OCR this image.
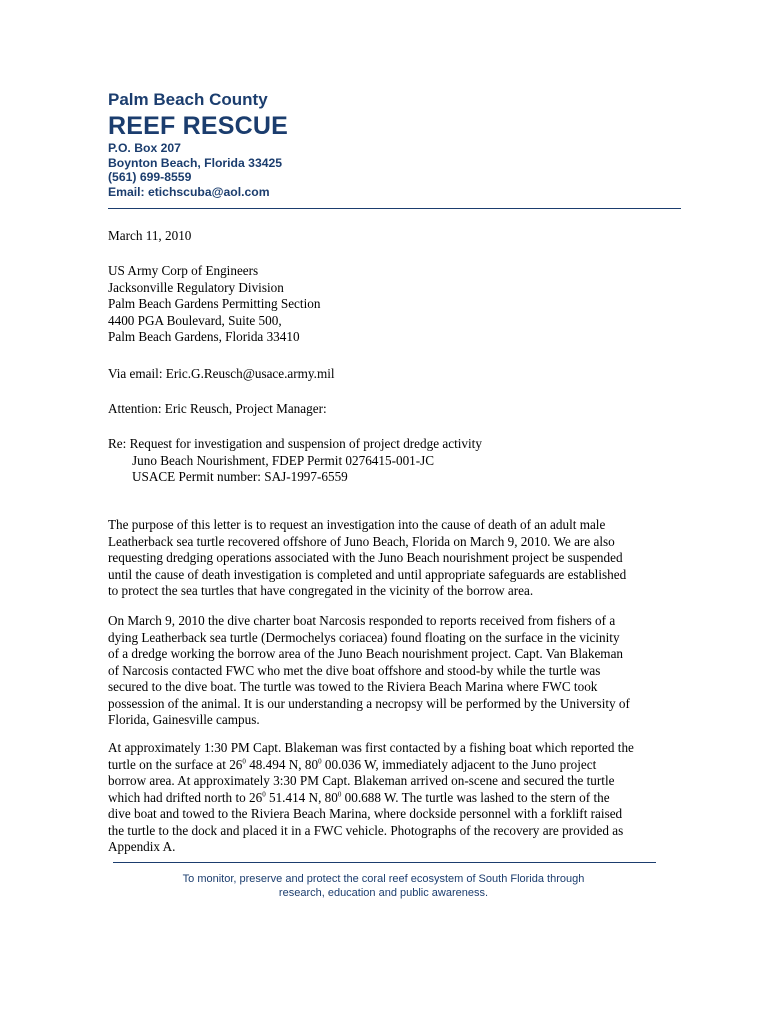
Palm Beach County
REEF RESCUE
P.O. Box 207
Boynton Beach, Florida 33425
(561) 699-8559
Email: etichscuba@aol.com
March 11, 2010
US Army Corp of Engineers
Jacksonville Regulatory Division
Palm Beach Gardens Permitting Section
4400 PGA Boulevard, Suite 500,
Palm Beach Gardens, Florida 33410
Via email: Eric.G.Reusch@usace.army.mil
Attention: Eric Reusch, Project Manager:
Re: Request for investigation and suspension of project dredge activity
Juno Beach Nourishment, FDEP Permit 0276415-001-JC
USACE Permit number: SAJ-1997-6559
The purpose of this letter is to request an investigation into the cause of death of an adult male
Leatherback sea turtle recovered offshore of Juno Beach, Florida on March 9, 2010. We are also
requesting dredging operations associated with the Juno Beach nourishment project be suspended
until the cause of death investigation is completed and until appropriate safeguards are established
to protect the sea turtles that have congregated in the vicinity of the borrow area.
On March 9, 2010 the dive charter boat Narcosis responded to reports received from fishers of a
dying Leatherback sea turtle (Dermochelys coriacea) found floating on the surface in the vicinity
of a dredge working the borrow area of the Juno Beach nourishment project. Capt. Van Blakeman
of Narcosis contacted FWC who met the dive boat offshore and stood-by while the turtle was
secured to the dive boat. The turtle was towed to the Riviera Beach Marina where FWC took
possession of the animal. It is our understanding a necropsy will be performed by the University of
Florida, Gainesville campus.
At approximately 1:30 PM Capt. Blakeman was first contacted by a fishing boat which reported the
turtle on the surface at $26^0$ 48.494 N, $80^0$ 00.036 W, immediately adjacent to the Juno project
borrow area. At approximately 3:30 PM Capt. Blakeman arrived on-scene and secured the turtle
which had drifted north to $26^0$ 51.414 N, $80^0$ 00.688 W. The turtle was lashed to the stern of the
dive boat and towed to the Riviera Beach Marina, where dockside personnel with a forklift raised
the turtle to the dock and placed it in a FWC vehicle. Photographs of the recovery are provided as
Appendix A.
To monitor, preserve and protect the coral reef ecosystem of South Florida through
research, education and public awareness.
